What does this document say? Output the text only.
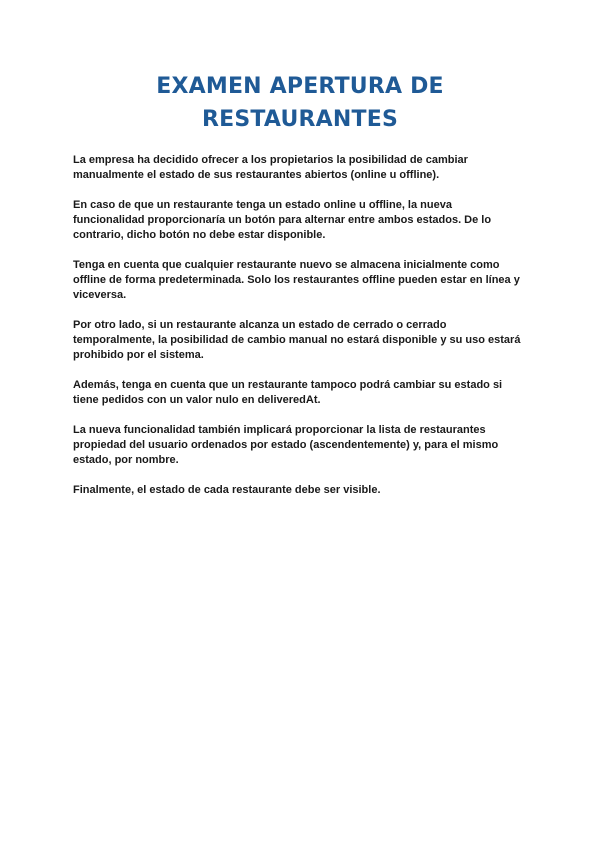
EXAMEN APERTURA DE
RESTAURANTES

La empresa ha decidido ofrecer a los propietarios la posibilidad de cambiar
manualmente el estado de sus restaurantes abiertos (online u offline).

En caso de que un restaurante tenga un estado online u offline, la nueva
funcionalidad proporcionaría un botón para alternar entre ambos estados. De lo
contrario, dicho botón no debe estar disponible.

Tenga en cuenta que cualquier restaurante nuevo se almacena inicialmente como
offline de forma predeterminada. Solo los restaurantes offline pueden estar en línea y
viceversa.

Por otro lado, si un restaurante alcanza un estado de cerrado o cerrado
temporalmente, la posibilidad de cambio manual no estará disponible y su uso estará
prohibido por el sistema.

Además, tenga en cuenta que un restaurante tampoco podrá cambiar su estado si
tiene pedidos con un valor nulo en deliveredAt.

La nueva funcionalidad también implicará proporcionar la lista de restaurantes
propiedad del usuario ordenados por estado (ascendentemente) y, para el mismo
estado, por nombre.

Finalmente, el estado de cada restaurante debe ser visible.
